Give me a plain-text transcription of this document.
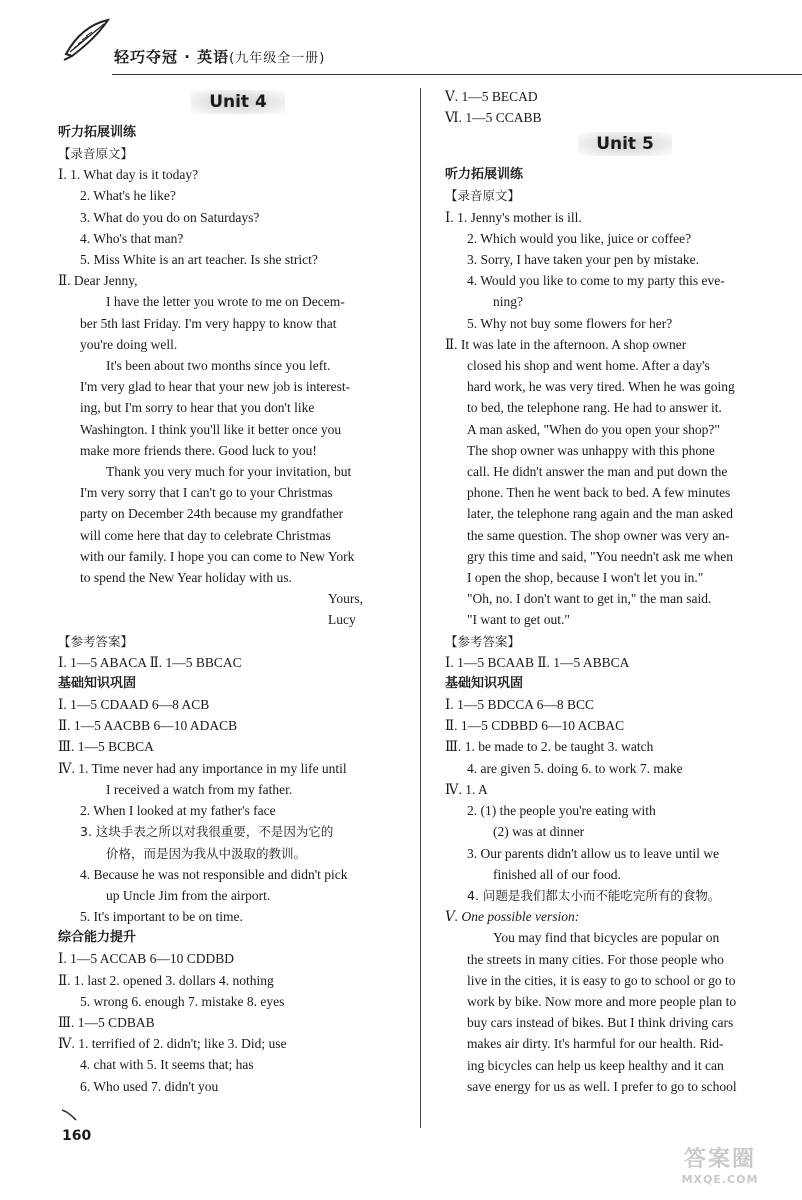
轻巧夺冠 · 英语(九年级全一册)
Unit 4
听力拓展训练
【录音原文】
Ⅰ. 1. What day is it today?
2. What's he like?
3. What do you do on Saturdays?
4. Who's that man?
5. Miss White is an art teacher. Is she strict?
Ⅱ. Dear Jenny,
I have the letter you wrote to me on Decem-
ber 5th last Friday. I'm very happy to know that
you're doing well.
It's been about two months since you left.
I'm very glad to hear that your new job is interest-
ing, but I'm sorry to hear that you don't like
Washington. I think you'll like it better once you
make more friends there. Good luck to you!
Thank you very much for your invitation, but
I'm very sorry that I can't go to your Christmas
party on December 24th because my grandfather
will come here that day to celebrate Christmas
with our family. I hope you can come to New York
to spend the New Year holiday with us.
Yours,
Lucy
【参考答案】
Ⅰ. 1—5 ABACA Ⅱ. 1—5 BBCAC
基础知识巩固
Ⅰ. 1—5 CDAAD 6—8 ACB
Ⅱ. 1—5 AACBB 6—10 ADACB
Ⅲ. 1—5 BCBCA
Ⅳ. 1. Time never had any importance in my life until
I received a watch from my father.
2. When I looked at my father's face
3. 这块手表之所以对我很重要，不是因为它的
价格，而是因为我从中汲取的教训。
4. Because he was not responsible and didn't pick
up Uncle Jim from the airport.
5. It's important to be on time.
综合能力提升
Ⅰ. 1—5 ACCAB 6—10 CDDBD
Ⅱ. 1. last 2. opened 3. dollars 4. nothing
5. wrong 6. enough 7. mistake 8. eyes
Ⅲ. 1—5 CDBAB
Ⅳ. 1. terrified of 2. didn't; like 3. Did; use
4. chat with 5. It seems that; has
6. Who used 7. didn't you
Ⅴ. 1—5 BECAD
Ⅵ. 1—5 CCABB
Unit 5
听力拓展训练
【录音原文】
Ⅰ. 1. Jenny's mother is ill.
2. Which would you like, juice or coffee?
3. Sorry, I have taken your pen by mistake.
4. Would you like to come to my party this eve-
ning?
5. Why not buy some flowers for her?
Ⅱ. It was late in the afternoon. A shop owner
closed his shop and went home. After a day's
hard work, he was very tired. When he was going
to bed, the telephone rang. He had to answer it.
A man asked, "When do you open your shop?"
The shop owner was unhappy with this phone
call. He didn't answer the man and put down the
phone. Then he went back to bed. A few minutes
later, the telephone rang again and the man asked
the same question. The shop owner was very an-
gry this time and said, "You needn't ask me when
I open the shop, because I won't let you in."
"Oh, no. I don't want to get in," the man said.
"I want to get out."
【参考答案】
Ⅰ. 1—5 BCAAB Ⅱ. 1—5 ABBCA
基础知识巩固
Ⅰ. 1—5 BDCCA 6—8 BCC
Ⅱ. 1—5 CDBBD 6—10 ACBAC
Ⅲ. 1. be made to 2. be taught 3. watch
4. are given 5. doing 6. to work 7. make
Ⅳ. 1. A
2. (1) the people you're eating with
(2) was at dinner
3. Our parents didn't allow us to leave until we
finished all of our food.
4. 问题是我们都太小而不能吃完所有的食物。
Ⅴ. One possible version:
You may find that bicycles are popular on
the streets in many cities. For those people who
live in the cities, it is easy to go to school or go to
work by bike. Now more and more people plan to
buy cars instead of bikes. But I think driving cars
makes air dirty. It's harmful for our health. Rid-
ing bicycles can help us keep healthy and it can
save energy for us as well. I prefer to go to school
160
答案圈
MXQE.COM
